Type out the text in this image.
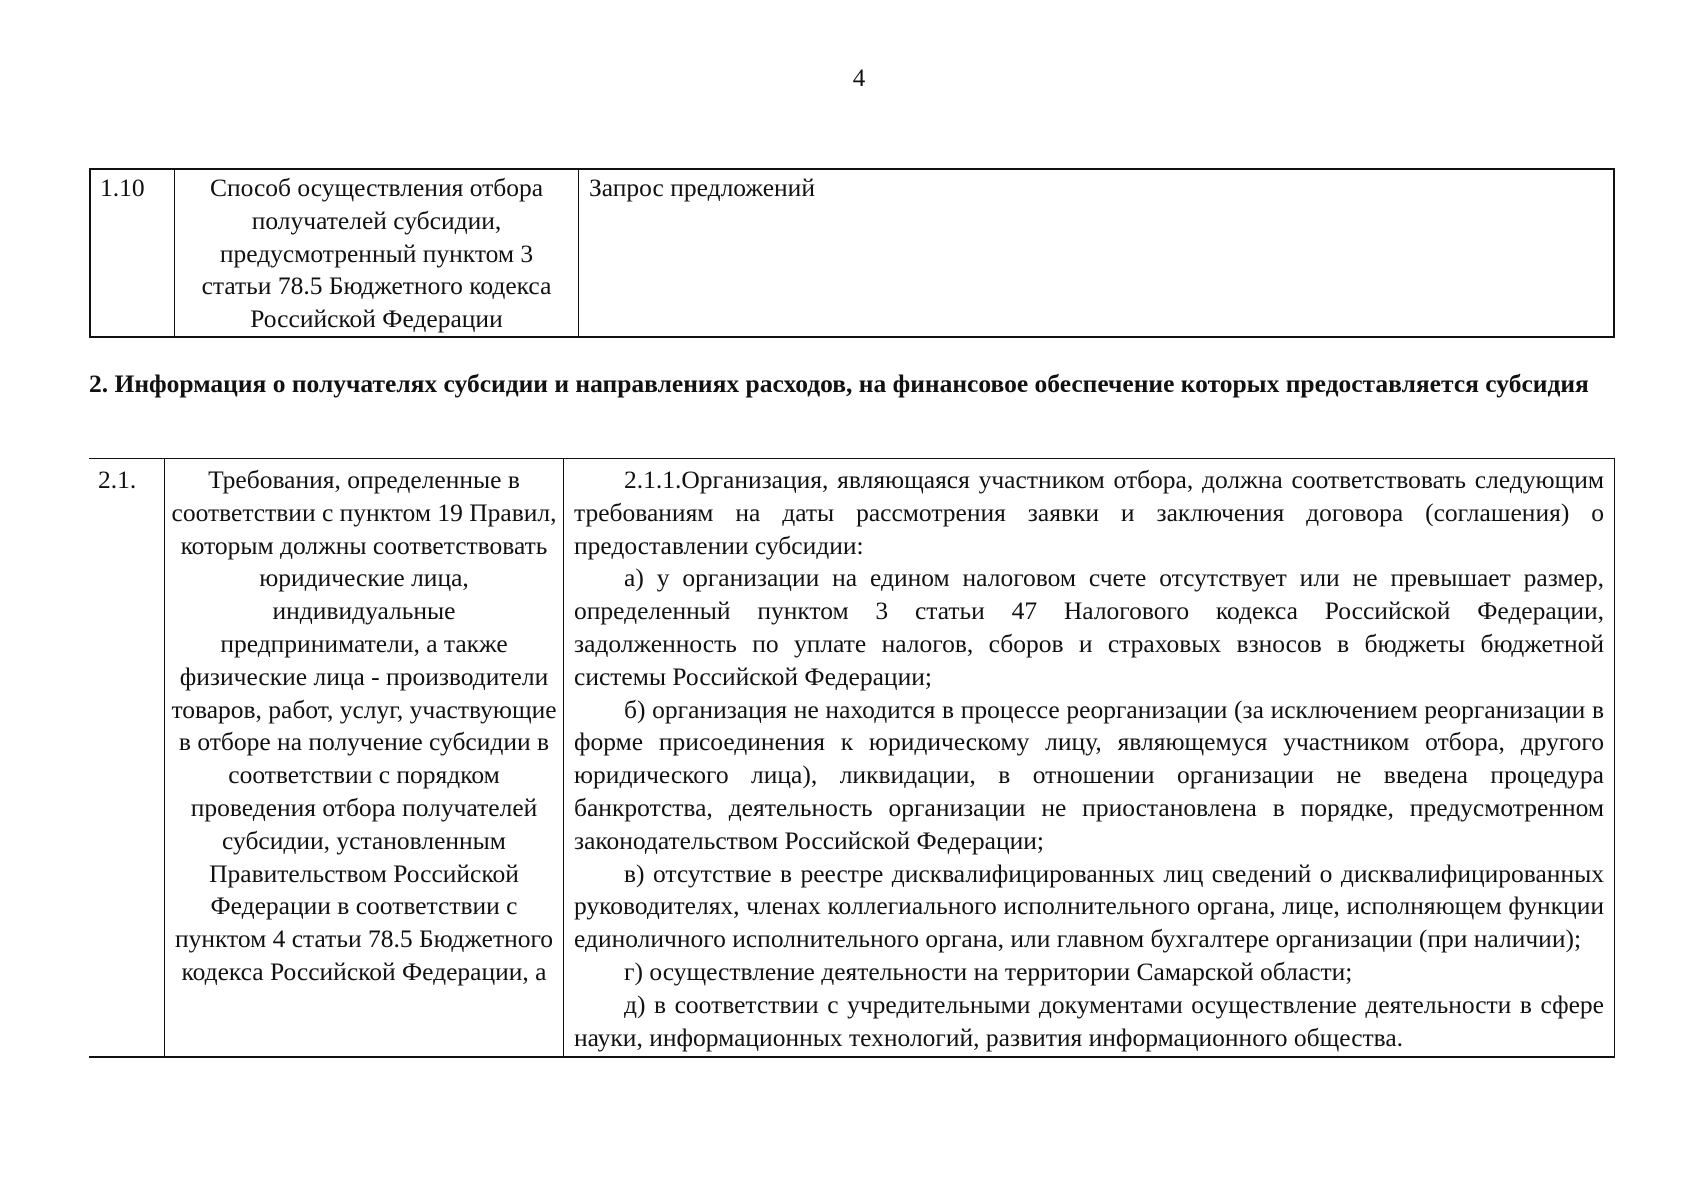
4
1.10	Способ осуществления отбора получателей субсидии, предусмотренный пунктом 3 статьи 78.5 Бюджетного кодекса Российской Федерации	Запрос предложений
2. Информация о получателях субсидии и направлениях расходов, на финансовое обеспечение которых предоставляется субсидия
2.1.	Требования, определенные в соответствии с пунктом 19 Правил, которым должны соответствовать юридические лица, индивидуальные предприниматели, а также физические лица - производители товаров, работ, услуг, участвующие в отборе на получение субсидии в соответствии с порядком проведения отбора получателей субсидии, установленным Правительством Российской Федерации в соответствии с пунктом 4 статьи 78.5 Бюджетного кодекса Российской Федерации, а	

2.1.1.Организация, являющаяся участником отбора, должна соответствовать следующим требованиям на даты рассмотрения заявки и заключения договора (соглашения) о предоставлении субсидии:

а) у организации на едином налоговом счете отсутствует или не превышает размер, определенный пунктом 3 статьи 47 Налогового кодекса Российской Федерации, задолженность по уплате налогов, сборов и страховых взносов в бюджеты бюджетной системы Российской Федерации;

б) организация не находится в процессе реорганизации (за исключением реорганизации в форме присоединения к юридическому лицу, являющемуся участником отбора, другого юридического лица), ликвидации, в отношении организации не введена процедура банкротства, деятельность организации не приостановлена в порядке, предусмотренном законодательством Российской Федерации;

в) отсутствие в реестре дисквалифицированных лиц сведений о дисквалифицированных руководителях, членах коллегиального исполнительного органа, лице, исполняющем функции единоличного исполнительного органа, или главном бухгалтере организации (при наличии);

г) осуществление деятельности на территории Самарской области;

д) в соответствии с учредительными документами осуществление деятельности в сфере науки, информационных технологий, развития информационного общества.
